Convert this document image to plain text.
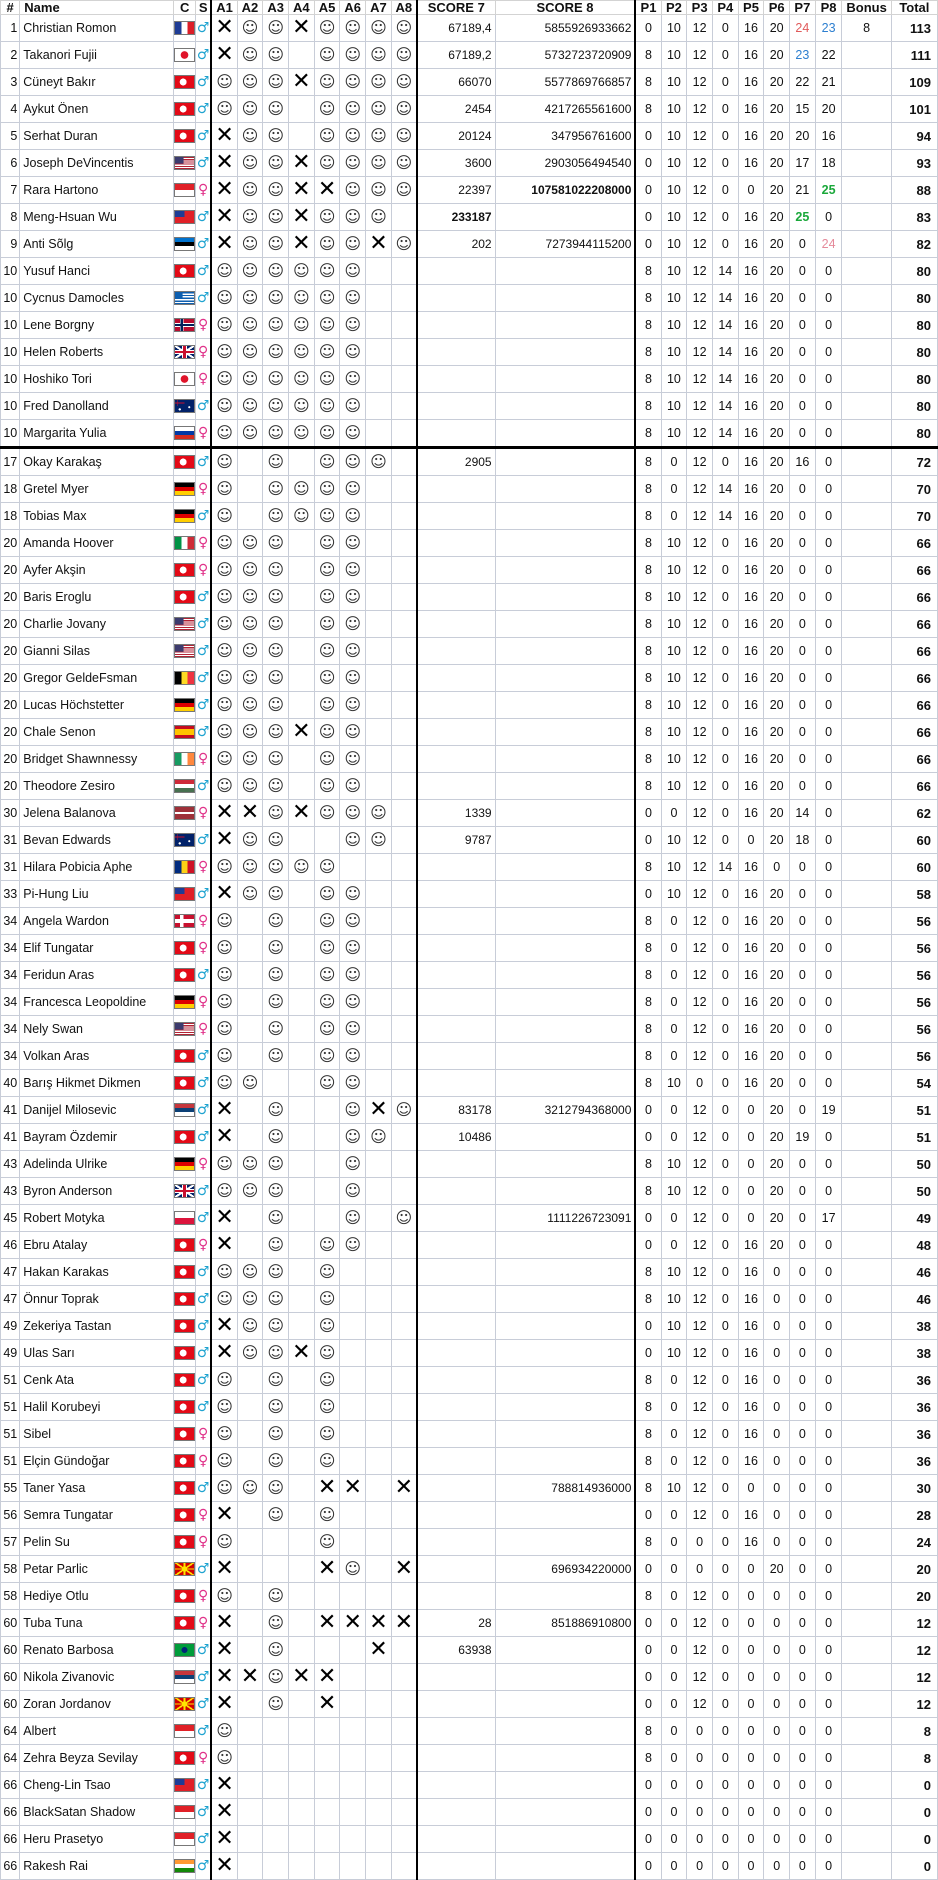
#	Name	C	S	A1	A2	A3	A4	A5	A6	A7	A8	SCORE 7	SCORE 8	P1	P2	P3	P4	P5	P6	P7	P8	Bonus	Total
1	Christian Romon		♂	✕	☺	☺	✕	☺	☺	☺	☺	67189,4	5855926933662	0	10	12	0	16	20	24	23	8	113
2	Takanori Fujii		♂	✕	☺	☺		☺	☺	☺	☺	67189,2	5732723720909	8	10	12	0	16	20	23	22		111
3	Cüneyt Bakır		♂	☺	☺	☺	✕	☺	☺	☺	☺	66070	5577869766857	8	10	12	0	16	20	22	21		109
4	Aykut Önen		♂	☺	☺	☺		☺	☺	☺	☺	2454	4217265561600	8	10	12	0	16	20	15	20		101
5	Serhat Duran		♂	✕	☺	☺		☺	☺	☺	☺	20124	347956761600	0	10	12	0	16	20	20	16		94
6	Joseph DeVincentis		♂	✕	☺	☺	✕	☺	☺	☺	☺	3600	2903056494540	0	10	12	0	16	20	17	18		93
7	Rara Hartono		♀	✕	☺	☺	✕	✕	☺	☺	☺	22397	107581022208000	0	10	12	0	0	20	21	25		88
8	Meng-Hsuan Wu		♂	✕	☺	☺	✕	☺	☺	☺		233187		0	10	12	0	16	20	25	0		83
9	Anti Sõlg		♂	✕	☺	☺	✕	☺	☺	✕	☺	202	7273944115200	0	10	12	0	16	20	0	24		82
10	Yusuf Hanci		♂	☺	☺	☺	☺	☺	☺					8	10	12	14	16	20	0	0		80
10	Cycnus Damocles		♂	☺	☺	☺	☺	☺	☺					8	10	12	14	16	20	0	0		80
10	Lene Borgny		♀	☺	☺	☺	☺	☺	☺					8	10	12	14	16	20	0	0		80
10	Helen Roberts		♀	☺	☺	☺	☺	☺	☺					8	10	12	14	16	20	0	0		80
10	Hoshiko Tori		♀	☺	☺	☺	☺	☺	☺					8	10	12	14	16	20	0	0		80
10	Fred Danolland		♂	☺	☺	☺	☺	☺	☺					8	10	12	14	16	20	0	0		80
10	Margarita Yulia		♀	☺	☺	☺	☺	☺	☺					8	10	12	14	16	20	0	0		80
17	Okay Karakaş		♂	☺		☺		☺	☺	☺		2905		8	0	12	0	16	20	16	0		72
18	Gretel Myer		♀	☺		☺	☺	☺	☺					8	0	12	14	16	20	0	0		70
18	Tobias Max		♂	☺		☺	☺	☺	☺					8	0	12	14	16	20	0	0		70
20	Amanda Hoover		♀	☺	☺	☺		☺	☺					8	10	12	0	16	20	0	0		66
20	Ayfer Akşin		♀	☺	☺	☺		☺	☺					8	10	12	0	16	20	0	0		66
20	Baris Eroglu		♂	☺	☺	☺		☺	☺					8	10	12	0	16	20	0	0		66
20	Charlie Jovany		♂	☺	☺	☺		☺	☺					8	10	12	0	16	20	0	0		66
20	Gianni Silas		♂	☺	☺	☺		☺	☺					8	10	12	0	16	20	0	0		66
20	Gregor GeldeFsman		♂	☺	☺	☺		☺	☺					8	10	12	0	16	20	0	0		66
20	Lucas Höchstetter		♂	☺	☺	☺		☺	☺					8	10	12	0	16	20	0	0		66
20	Chale Senon		♂	☺	☺	☺	✕	☺	☺					8	10	12	0	16	20	0	0		66
20	Bridget Shawnnessy		♀	☺	☺	☺		☺	☺					8	10	12	0	16	20	0	0		66
20	Theodore Zesiro		♂	☺	☺	☺		☺	☺					8	10	12	0	16	20	0	0		66
30	Jelena Balanova		♀	✕	✕	☺	✕	☺	☺	☺		1339		0	0	12	0	16	20	14	0		62
31	Bevan Edwards		♂	✕	☺	☺			☺	☺		9787		0	10	12	0	0	20	18	0		60
31	Hilara Pobicia Aphe		♀	☺	☺	☺	☺	☺						8	10	12	14	16	0	0	0		60
33	Pi-Hung Liu		♂	✕	☺	☺		☺	☺					0	10	12	0	16	20	0	0		58
34	Angela Wardon		♀	☺		☺		☺	☺					8	0	12	0	16	20	0	0		56
34	Elif Tungatar		♀	☺		☺		☺	☺					8	0	12	0	16	20	0	0		56
34	Feridun Aras		♂	☺		☺		☺	☺					8	0	12	0	16	20	0	0		56
34	Francesca Leopoldine		♀	☺		☺		☺	☺					8	0	12	0	16	20	0	0		56
34	Nely Swan		♀	☺		☺		☺	☺					8	0	12	0	16	20	0	0		56
34	Volkan Aras		♂	☺		☺		☺	☺					8	0	12	0	16	20	0	0		56
40	Barış Hikmet Dikmen		♂	☺	☺			☺	☺					8	10	0	0	16	20	0	0		54
41	Danijel Milosevic		♂	✕		☺			☺	✕	☺	83178	3212794368000	0	0	12	0	0	20	0	19		51
41	Bayram Özdemir		♂	✕		☺			☺	☺		10486		0	0	12	0	0	20	19	0		51
43	Adelinda Ulrike		♀	☺	☺	☺			☺					8	10	12	0	0	20	0	0		50
43	Byron Anderson		♂	☺	☺	☺			☺					8	10	12	0	0	20	0	0		50
45	Robert Motyka		♂	✕		☺			☺		☺		1111226723091	0	0	12	0	0	20	0	17		49
46	Ebru Atalay		♀	✕		☺		☺	☺					0	0	12	0	16	20	0	0		48
47	Hakan Karakas		♂	☺	☺	☺		☺						8	10	12	0	16	0	0	0		46
47	Önnur Toprak		♂	☺	☺	☺		☺						8	10	12	0	16	0	0	0		46
49	Zekeriya Tastan		♂	✕	☺	☺		☺						0	10	12	0	16	0	0	0		38
49	Ulas Sarı		♂	✕	☺	☺	✕	☺						0	10	12	0	16	0	0	0		38
51	Cenk Ata		♂	☺		☺		☺						8	0	12	0	16	0	0	0		36
51	Halil Korubeyi		♂	☺		☺		☺						8	0	12	0	16	0	0	0		36
51	Sibel		♀	☺		☺		☺						8	0	12	0	16	0	0	0		36
51	Elçin Gündoğar		♀	☺		☺		☺						8	0	12	0	16	0	0	0		36
55	Taner Yasa		♂	☺	☺	☺		✕	✕		✕		788814936000	8	10	12	0	0	0	0	0		30
56	Semra Tungatar		♀	✕		☺		☺						0	0	12	0	16	0	0	0		28
57	Pelin Su		♀	☺				☺						8	0	0	0	16	0	0	0		24
58	Petar Parlic		♂	✕				✕	☺		✕		696934220000	0	0	0	0	0	20	0	0		20
58	Hediye Otlu		♀	☺		☺								8	0	12	0	0	0	0	0		20
60	Tuba Tuna		♀	✕		☺		✕	✕	✕	✕	28	851886910800	0	0	12	0	0	0	0	0		12
60	Renato Barbosa		♂	✕		☺				✕		63938		0	0	12	0	0	0	0	0		12
60	Nikola Zivanovic		♂	✕	✕	☺	✕	✕						0	0	12	0	0	0	0	0		12
60	Zoran Jordanov		♂	✕		☺		✕						0	0	12	0	0	0	0	0		12
64	Albert		♂	☺										8	0	0	0	0	0	0	0		8
64	Zehra Beyza Sevilay		♀	☺										8	0	0	0	0	0	0	0		8
66	Cheng-Lin Tsao		♂	✕										0	0	0	0	0	0	0	0		0
66	BlackSatan Shadow		♂	✕										0	0	0	0	0	0	0	0		0
66	Heru Prasetyo		♂	✕										0	0	0	0	0	0	0	0		0
66	Rakesh Rai		♂	✕										0	0	0	0	0	0	0	0		0
